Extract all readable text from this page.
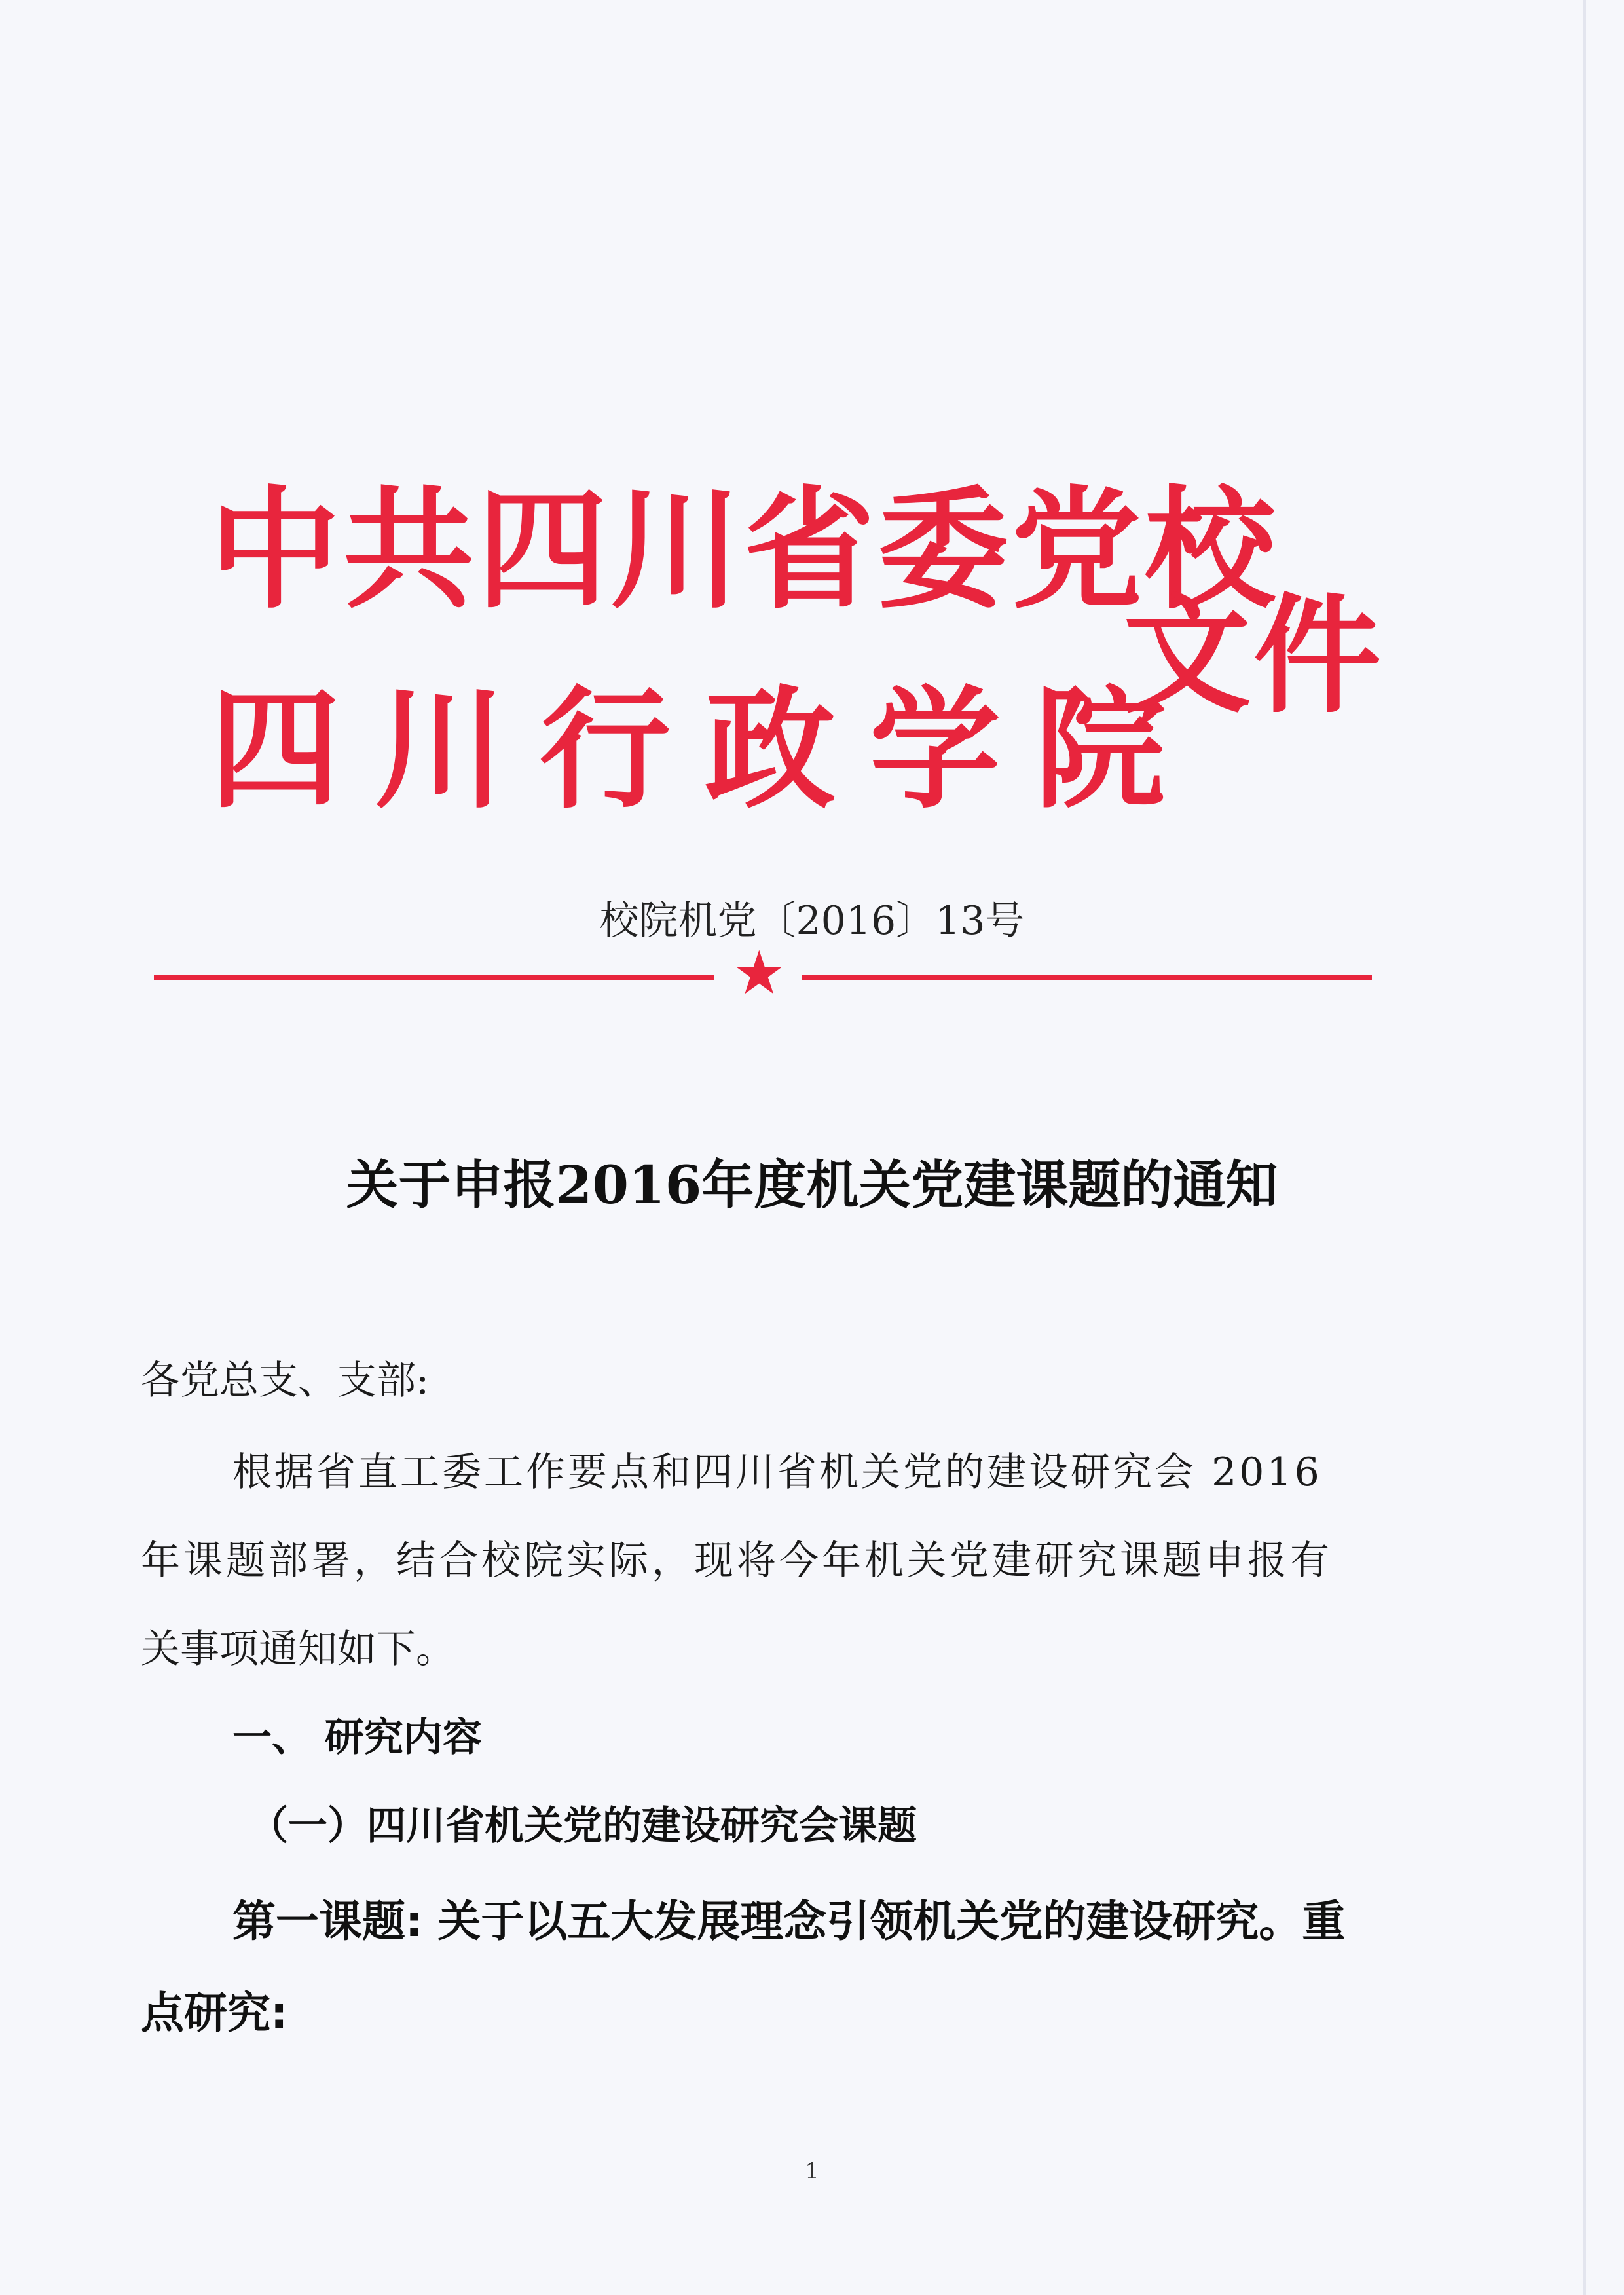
中共四川省委党校
四川行政学院
文件
校院机党〔2016〕13号
★
关于申报2016年度机关党建课题的通知
各党总支、支部:
根据省直工委工作要点和四川省机关党的建设研究会 2016
年课题部署，结合校院实际，现将今年机关党建研究课题申报有
关事项通知如下。
一、 研究内容
（一）四川省机关党的建设研究会课题
第一课题: 关于以五大发展理念引领机关党的建设研究。重
点研究:
1
